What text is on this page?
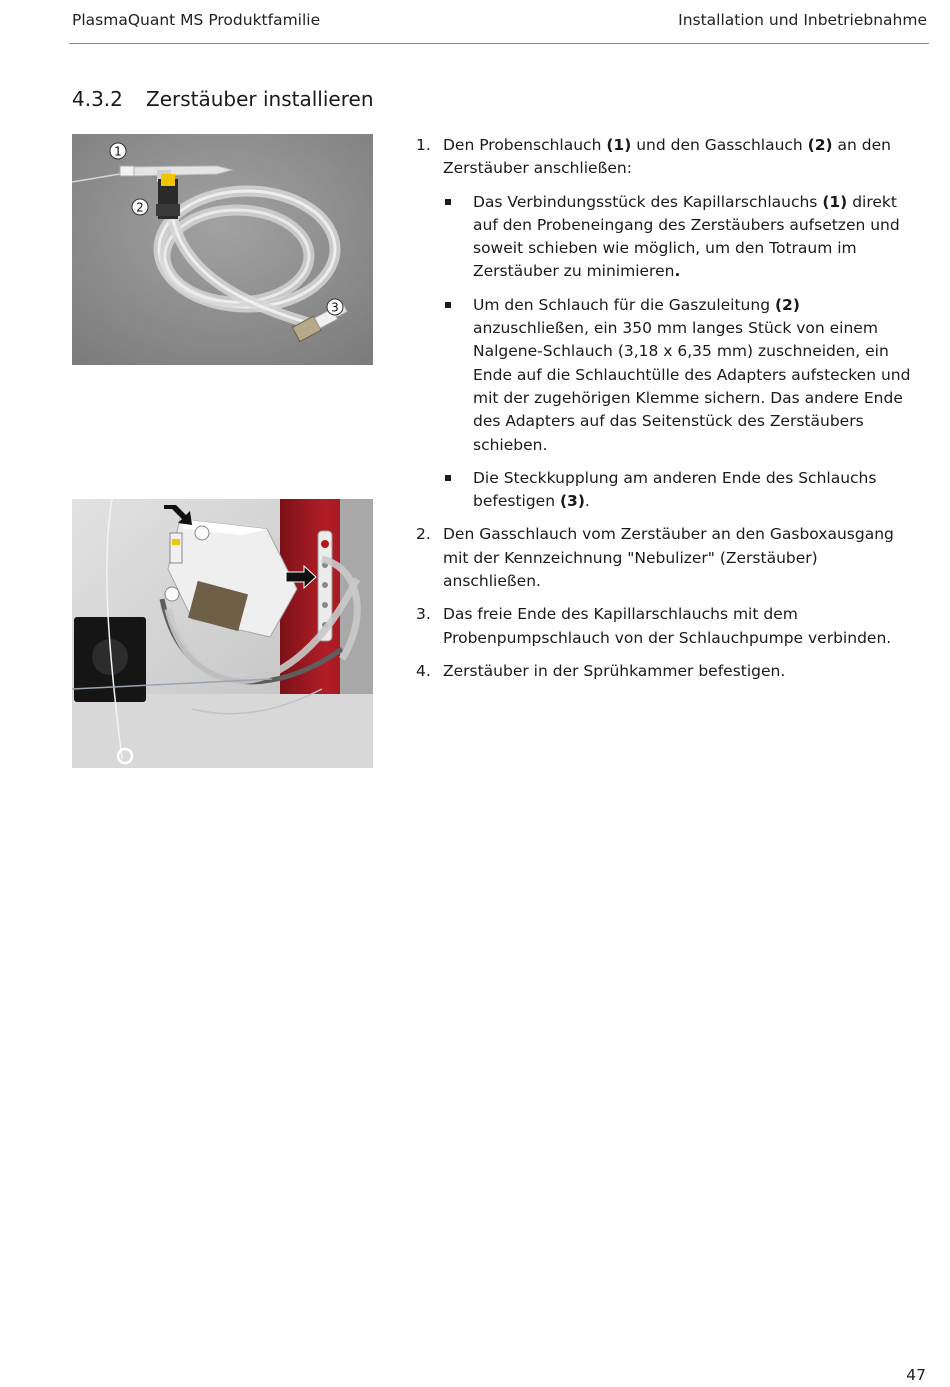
PlasmaQuant MS Produktfamilie	Installation und Inbetriebnahme
4.3.2 Zerstäuber installieren
1
2
3
1. Den Probenschlauch (1) und den Gasschlauch (2) an den Zerstäuber anschließen:
Das Verbindungsstück des Kapillarschlauchs (1) direkt auf den Probeneingang des Zerstäubers aufsetzen und soweit schieben wie möglich, um den Totraum im Zerstäuber zu minimieren.
Um den Schlauch für die Gaszuleitung (2) anzuschließen, ein 350 mm langes Stück von einem Nalgene-Schlauch (3,18 x 6,35 mm) zuschneiden, ein Ende auf die Schlauchtülle des Adapters aufstecken und mit der zugehörigen Klemme sichern. Das andere Ende des Adapters auf das Seitenstück des Zerstäubers schieben.
Die Steckkupplung am anderen Ende des Schlauchs befestigen (3).
2. Den Gasschlauch vom Zerstäuber an den Gasboxausgang mit der Kennzeichnung "Nebulizer" (Zerstäuber) anschließen.
3. Das freie Ende des Kapillarschlauchs mit dem Probenpumpschlauch von der Schlauchpumpe verbinden.
4. Zerstäuber in der Sprühkammer befestigen.
47
